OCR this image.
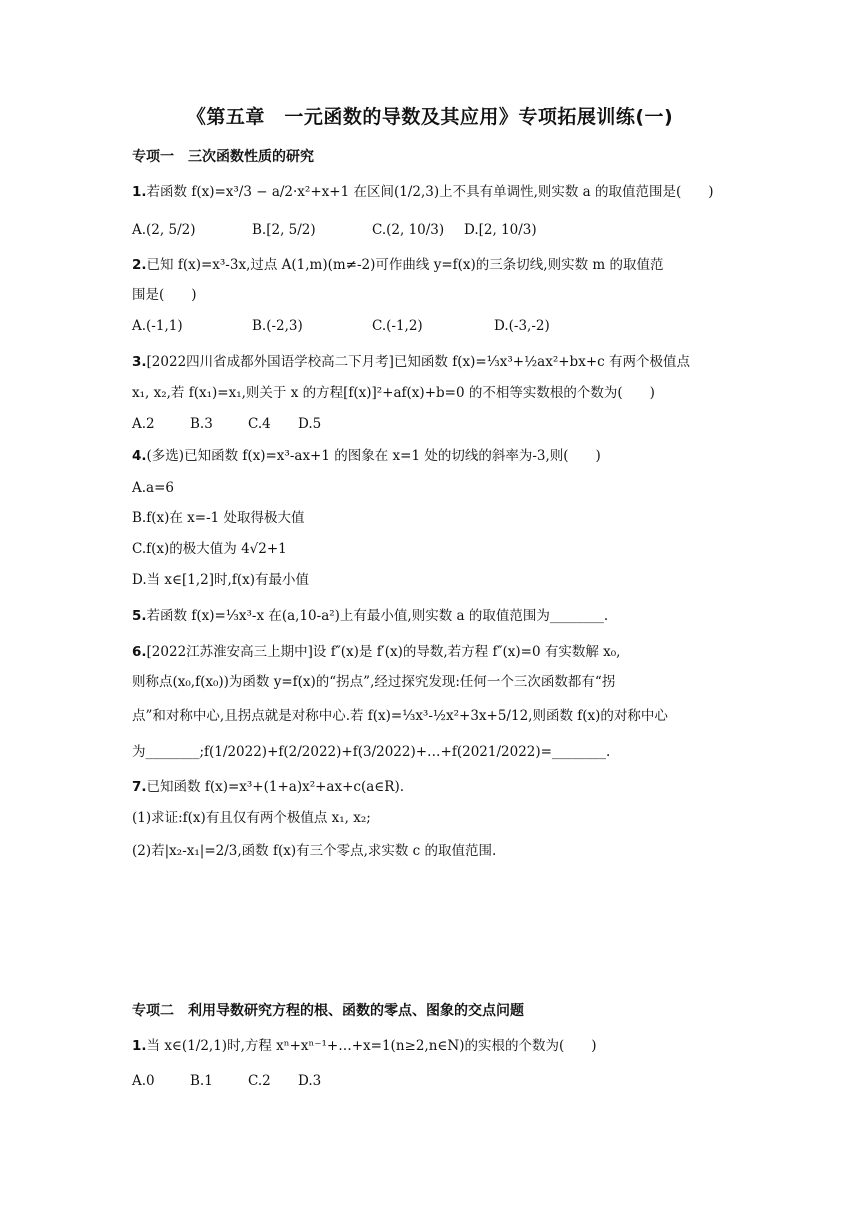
《第五章　一元函数的导数及其应用》专项拓展训练(一)
专项一　三次函数性质的研究
1.若函数 f(x)=x³/3 − a/2·x²+x+1 在区间(1/2,3)上不具有单调性,则实数 a 的取值范围是(　　)
A.(2, 5/2)	B.[2, 5/2)	C.(2, 10/3)	D.[2, 10/3)
2.已知 f(x)=x³-3x,过点 A(1,m)(m≠-2)可作曲线 y=f(x)的三条切线,则实数 m 的取值范
围是(　　)
A.(-1,1)	B.(-2,3)	C.(-1,2)	D.(-3,-2)
3.[2022四川省成都外国语学校高二下月考]已知函数 f(x)=⅓x³+½ax²+bx+c 有两个极值点
x₁, x₂,若 f(x₁)=x₁,则关于 x 的方程[f(x)]²+af(x)+b=0 的不相等实数根的个数为(　　)
A.2	B.3	C.4	D.5
4.(多选)已知函数 f(x)=x³-ax+1 的图象在 x=1 处的切线的斜率为-3,则(　　)
A.a=6
B.f(x)在 x=-1 处取得极大值
C.f(x)的极大值为 4√2+1
D.当 x∈[1,2]时,f(x)有最小值
5.若函数 f(x)=⅓x³-x 在(a,10-a²)上有最小值,则实数 a 的取值范围为________.
6.[2022江苏淮安高三上期中]设 f″(x)是 f′(x)的导数,若方程 f″(x)=0 有实数解 x₀,
则称点(x₀,f(x₀))为函数 y=f(x)的“拐点”,经过探究发现:任何一个三次函数都有“拐
点”和对称中心,且拐点就是对称中心.若 f(x)=⅓x³-½x²+3x+5/12,则函数 f(x)的对称中心
为________;f(1/2022)+f(2/2022)+f(3/2022)+…+f(2021/2022)=________.
7.已知函数 f(x)=x³+(1+a)x²+ax+c(a∈R).
(1)求证:f(x)有且仅有两个极值点 x₁, x₂;
(2)若|x₂-x₁|=2/3,函数 f(x)有三个零点,求实数 c 的取值范围.
专项二　利用导数研究方程的根、函数的零点、图象的交点问题
1.当 x∈(1/2,1)时,方程 xⁿ+xⁿ⁻¹+…+x=1(n≥2,n∈N)的实根的个数为(　　)
A.0	B.1	C.2	D.3
